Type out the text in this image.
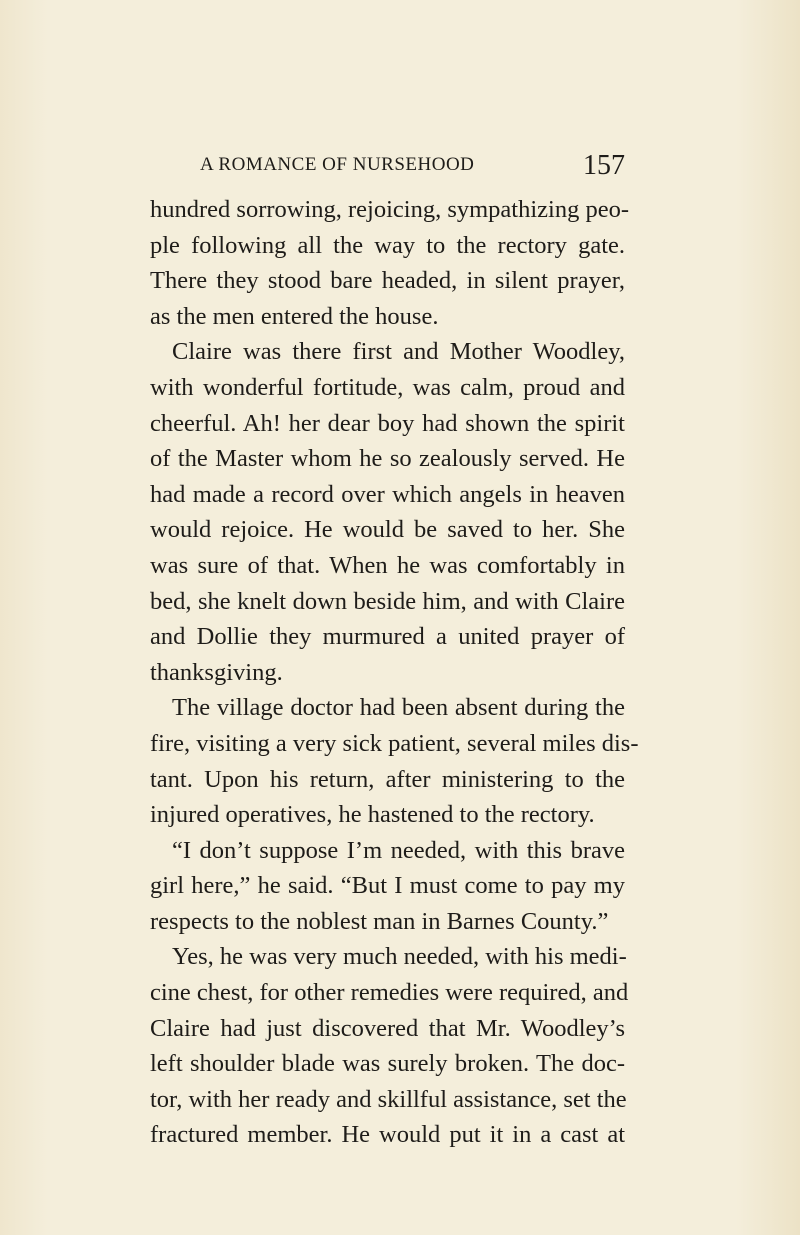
A ROMANCE OF NURSEHOOD	157
hundred sorrowing, rejoicing, sympathizing peo-
ple following all the way to the rectory gate.
There they stood bare headed, in silent prayer,
as the men entered the house.
Claire was there first and Mother Woodley,
with wonderful fortitude, was calm, proud and
cheerful. Ah! her dear boy had shown the spirit
of the Master whom he so zealously served. He
had made a record over which angels in heaven
would rejoice. He would be saved to her. She
was sure of that. When he was comfortably in
bed, she knelt down beside him, and with Claire
and Dollie they murmured a united prayer of
thanksgiving.
The village doctor had been absent during the
fire, visiting a very sick patient, several miles dis-
tant. Upon his return, after ministering to the
injured operatives, he hastened to the rectory.
“I don’t suppose I’m needed, with this brave
girl here,” he said. “But I must come to pay my
respects to the noblest man in Barnes County.”
Yes, he was very much needed, with his medi-
cine chest, for other remedies were required, and
Claire had just discovered that Mr. Woodley’s
left shoulder blade was surely broken. The doc-
tor, with her ready and skillful assistance, set the
fractured member. He would put it in a cast at
